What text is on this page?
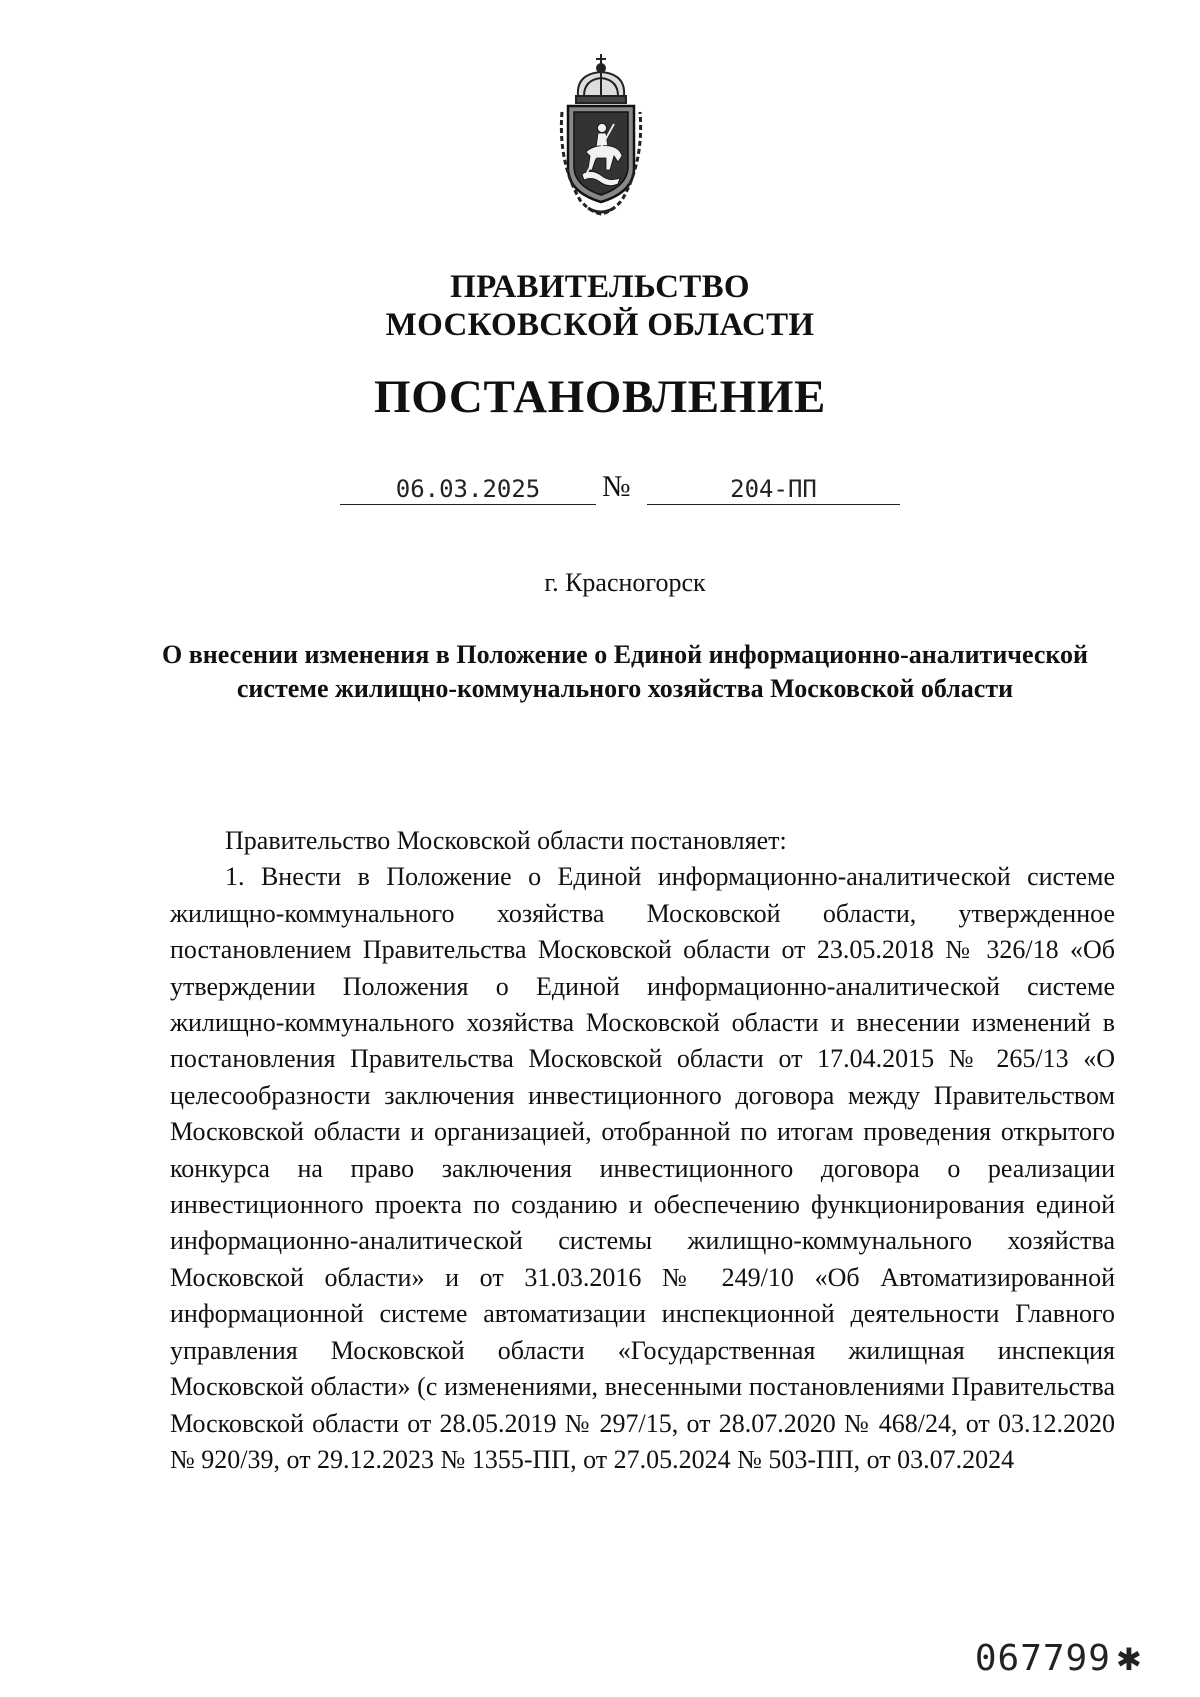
ПРАВИТЕЛЬСТВО
МОСКОВСКОЙ ОБЛАСТИ
ПОСТАНОВЛЕНИЕ
06.03.2025	№	204-ПП
г. Красногорск
О внесении изменения в Положение о Единой информационно-аналитической системе жилищно-коммунального хозяйства Московской области

Правительство Московской области постановляет:

1. Внести в Положение о Единой информационно-аналитической системе жилищно-коммунального хозяйства Московской области, утвержденное постановлением Правительства Московской области от 23.05.2018 № 326/18 «Об утверждении Положения о Единой информационно-аналитической системе жилищно-коммунального хозяйства Московской области и внесении изменений в постановления Правительства Московской области от 17.04.2015 № 265/13 «О целесообразности заключения инвестиционного договора между Правительством Московской области и организацией, отобранной по итогам проведения открытого конкурса на право заключения инвестиционного договора о реализации инвестиционного проекта по созданию и обеспечению функционирования единой информационно-аналитической системы жилищно-коммунального хозяйства Московской области» и от 31.03.2016 № 249/10 «Об Автоматизированной информационной системе автоматизации инспекционной деятельности Главного управления Московской области «Государственная жилищная инспекция Московской области» (с изменениями, внесенными постановлениями Правительства Московской области от 28.05.2019 № 297/15, от 28.07.2020 № 468/24, от 03.12.2020 № 920/39, от 29.12.2023 № 1355-ПП, от 27.05.2024 № 503-ПП, от 03.07.2024

067799 ✱
